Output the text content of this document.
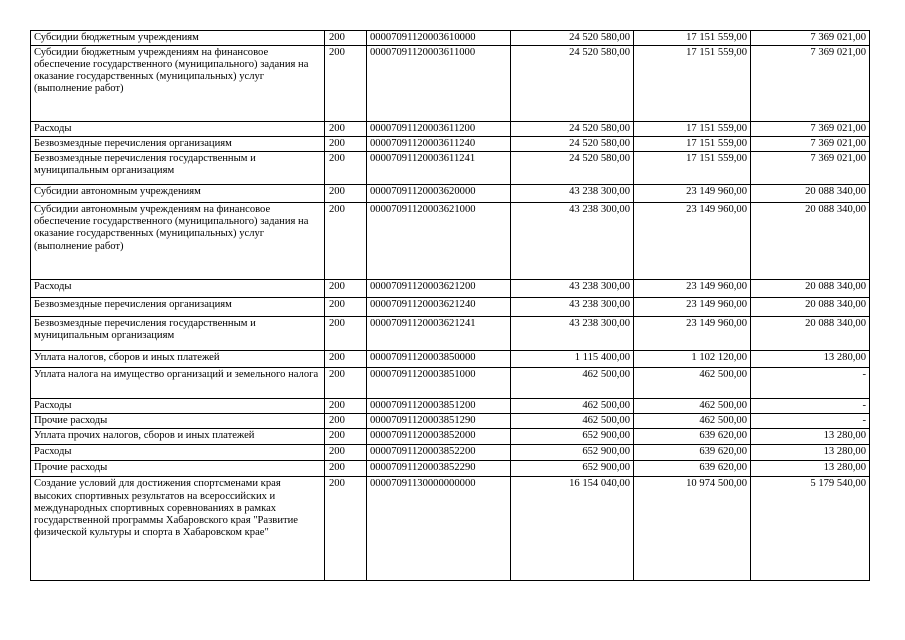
Субсидии бюджетным учреждениям	200	00007091120003610000	24 520 580,00	17 151 559,00	7 369 021,00
Субсидии бюджетным учреждениям на финансовое обеспечение государственного (муниципального) задания на оказание государственных (муниципальных) услуг (выполнение работ)	200	00007091120003611000	24 520 580,00	17 151 559,00	7 369 021,00
Расходы	200	00007091120003611200	24 520 580,00	17 151 559,00	7 369 021,00
Безвозмездные перечисления организациям	200	00007091120003611240	24 520 580,00	17 151 559,00	7 369 021,00
Безвозмездные перечисления государственным и муниципальным организациям	200	00007091120003611241	24 520 580,00	17 151 559,00	7 369 021,00
Субсидии автономным учреждениям	200	00007091120003620000	43 238 300,00	23 149 960,00	20 088 340,00
Субсидии автономным учреждениям на финансовое обеспечение государственного (муниципального) задания на оказание государственных (муниципальных) услуг (выполнение работ)	200	00007091120003621000	43 238 300,00	23 149 960,00	20 088 340,00
Расходы	200	00007091120003621200	43 238 300,00	23 149 960,00	20 088 340,00
Безвозмездные перечисления организациям	200	00007091120003621240	43 238 300,00	23 149 960,00	20 088 340,00
Безвозмездные перечисления государственным и муниципальным организациям	200	00007091120003621241	43 238 300,00	23 149 960,00	20 088 340,00
Уплата налогов, сборов и иных платежей	200	00007091120003850000	1 115 400,00	1 102 120,00	13 280,00
Уплата налога на имущество организаций и земельного налога	200	00007091120003851000	462 500,00	462 500,00	-
Расходы	200	00007091120003851200	462 500,00	462 500,00	-
Прочие расходы	200	00007091120003851290	462 500,00	462 500,00	-
Уплата прочих налогов, сборов и иных платежей	200	00007091120003852000	652 900,00	639 620,00	13 280,00
Расходы	200	00007091120003852200	652 900,00	639 620,00	13 280,00
Прочие расходы	200	00007091120003852290	652 900,00	639 620,00	13 280,00
Создание условий для достижения спортсменами края высоких спортивных результатов на всероссийских и международных спортивных соревнованиях в рамках государственной программы Хабаровского края "Развитие физической культуры и спорта в Хабаровском крае"	200	00007091130000000000	16 154 040,00	10 974 500,00	5 179 540,00
